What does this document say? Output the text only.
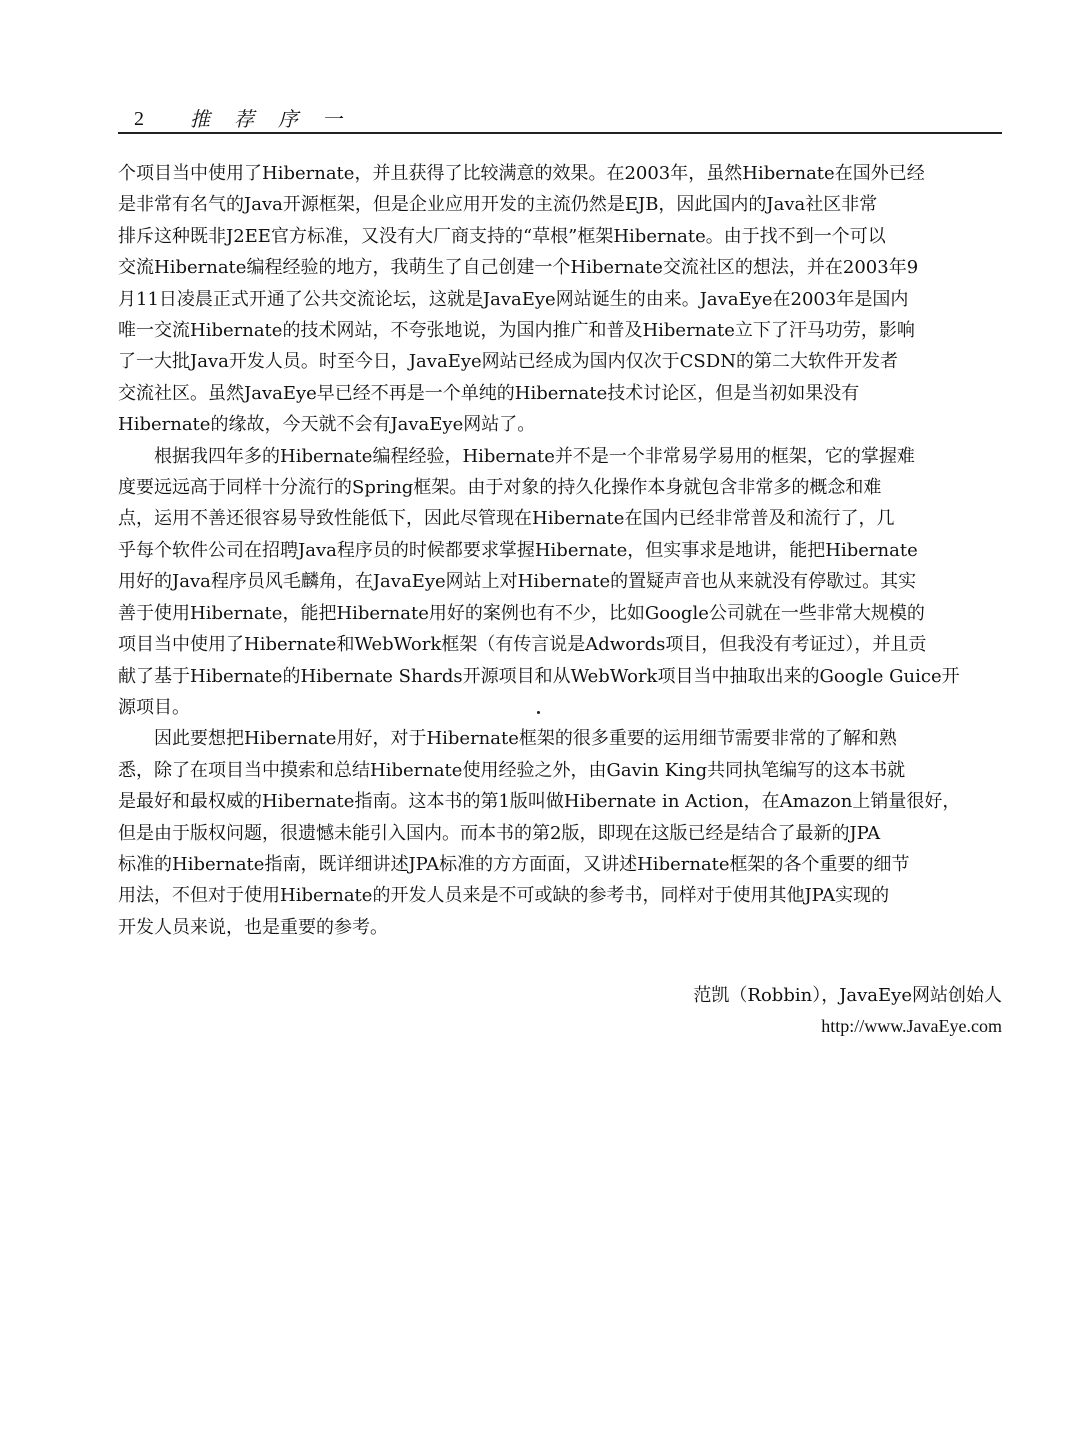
2 推荐序一

个项目当中使用了Hibernate，并且获得了比较满意的效果。在2003年，虽然Hibernate在国外已经
是非常有名气的Java开源框架，但是企业应用开发的主流仍然是EJB，因此国内的Java社区非常
排斥这种既非J2EE官方标准，又没有大厂商支持的“草根”框架Hibernate。由于找不到一个可以
交流Hibernate编程经验的地方，我萌生了自己创建一个Hibernate交流社区的想法，并在2003年9
月11日凌晨正式开通了公共交流论坛，这就是JavaEye网站诞生的由来。JavaEye在2003年是国内
唯一交流Hibernate的技术网站，不夸张地说，为国内推广和普及Hibernate立下了汗马功劳，影响
了一大批Java开发人员。时至今日，JavaEye网站已经成为国内仅次于CSDN的第二大软件开发者
交流社区。虽然JavaEye早已经不再是一个单纯的Hibernate技术讨论区，但是当初如果没有
Hibernate的缘故，今天就不会有JavaEye网站了。

　　根据我四年多的Hibernate编程经验，Hibernate并不是一个非常易学易用的框架，它的掌握难
度要远远高于同样十分流行的Spring框架。由于对象的持久化操作本身就包含非常多的概念和难
点，运用不善还很容易导致性能低下，因此尽管现在Hibernate在国内已经非常普及和流行了，几
乎每个软件公司在招聘Java程序员的时候都要求掌握Hibernate，但实事求是地讲，能把Hibernate
用好的Java程序员风毛麟角，在JavaEye网站上对Hibernate的置疑声音也从来就没有停歇过。其实
善于使用Hibernate，能把Hibernate用好的案例也有不少，比如Google公司就在一些非常大规模的
项目当中使用了Hibernate和WebWork框架（有传言说是Adwords项目，但我没有考证过），并且贡
献了基于Hibernate的Hibernate Shards开源项目和从WebWork项目当中抽取出来的Google Guice开
源项目。

　　因此要想把Hibernate用好，对于Hibernate框架的很多重要的运用细节需要非常的了解和熟
悉，除了在项目当中摸索和总结Hibernate使用经验之外，由Gavin King共同执笔编写的这本书就
是最好和最权威的Hibernate指南。这本书的第1版叫做Hibernate in Action，在Amazon上销量很好，
但是由于版权问题，很遗憾未能引入国内。而本书的第2版，即现在这版已经是结合了最新的JPA
标准的Hibernate指南，既详细讲述JPA标准的方方面面，又讲述Hibernate框架的各个重要的细节
用法，不但对于使用Hibernate的开发人员来是不可或缺的参考书，同样对于使用其他JPA实现的
开发人员来说，也是重要的参考。

范凯（Robbin），JavaEye网站创始人
http://www.JavaEye.com
